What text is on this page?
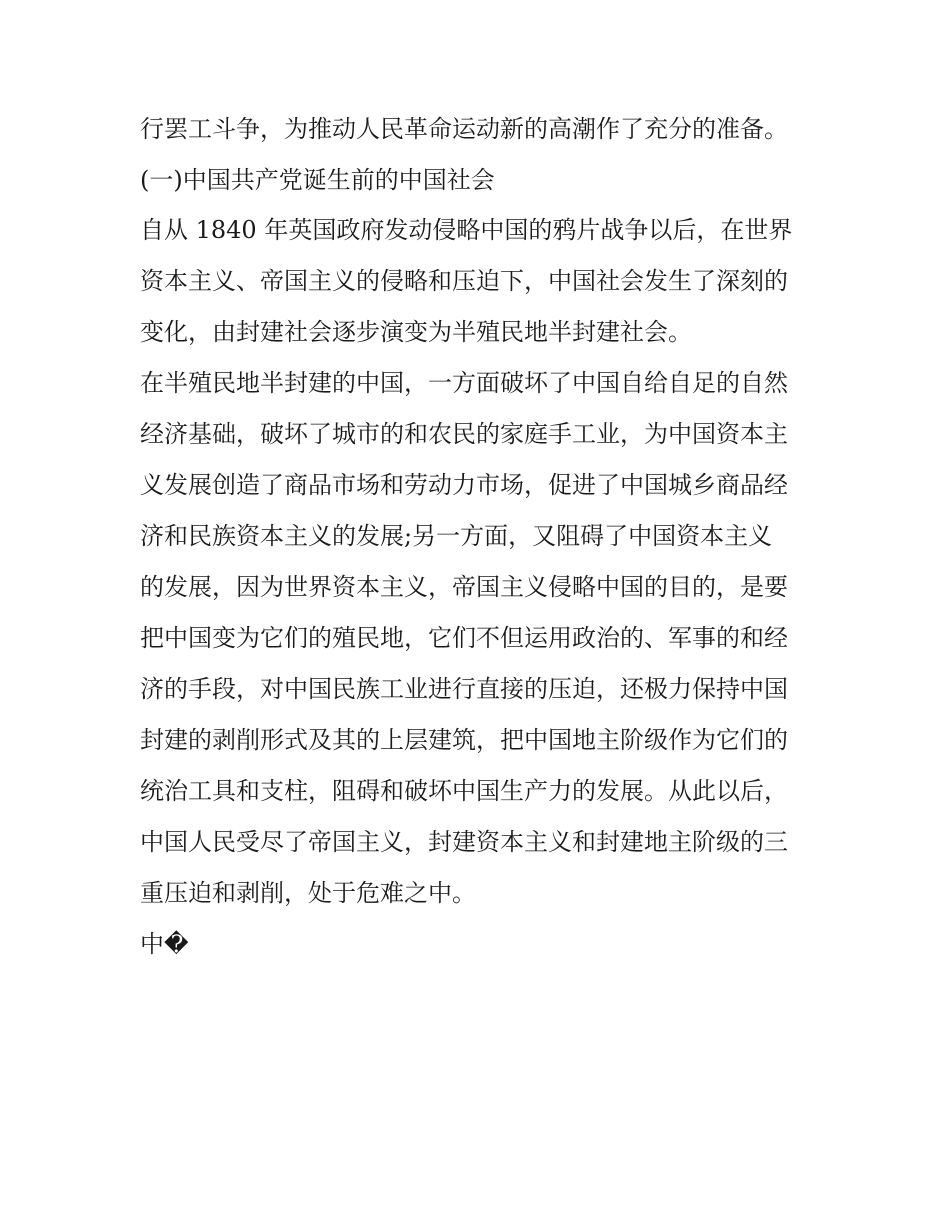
行罢工斗争，为推动人民革命运动新的高潮作了充分的准备。
(一)中国共产党诞生前的中国社会
自从 1840 年英国政府发动侵略中国的鸦片战争以后，在世界
资本主义、帝国主义的侵略和压迫下，中国社会发生了深刻的
变化，由封建社会逐步演变为半殖民地半封建社会。
在半殖民地半封建的中国，一方面破坏了中国自给自足的自然
经济基础，破坏了城市的和农民的家庭手工业，为中国资本主
义发展创造了商品市场和劳动力市场，促进了中国城乡商品经
济和民族资本主义的发展;另一方面，又阻碍了中国资本主义
的发展，因为世界资本主义，帝国主义侵略中国的目的，是要
把中国变为它们的殖民地，它们不但运用政治的、军事的和经
济的手段，对中国民族工业进行直接的压迫，还极力保持中国
封建的剥削形式及其的上层建筑，把中国地主阶级作为它们的
统治工具和支柱，阻碍和破坏中国生产力的发展。从此以后，
中国人民受尽了帝国主义，封建资本主义和封建地主阶级的三
重压迫和剥削，处于危难之中。
中�
